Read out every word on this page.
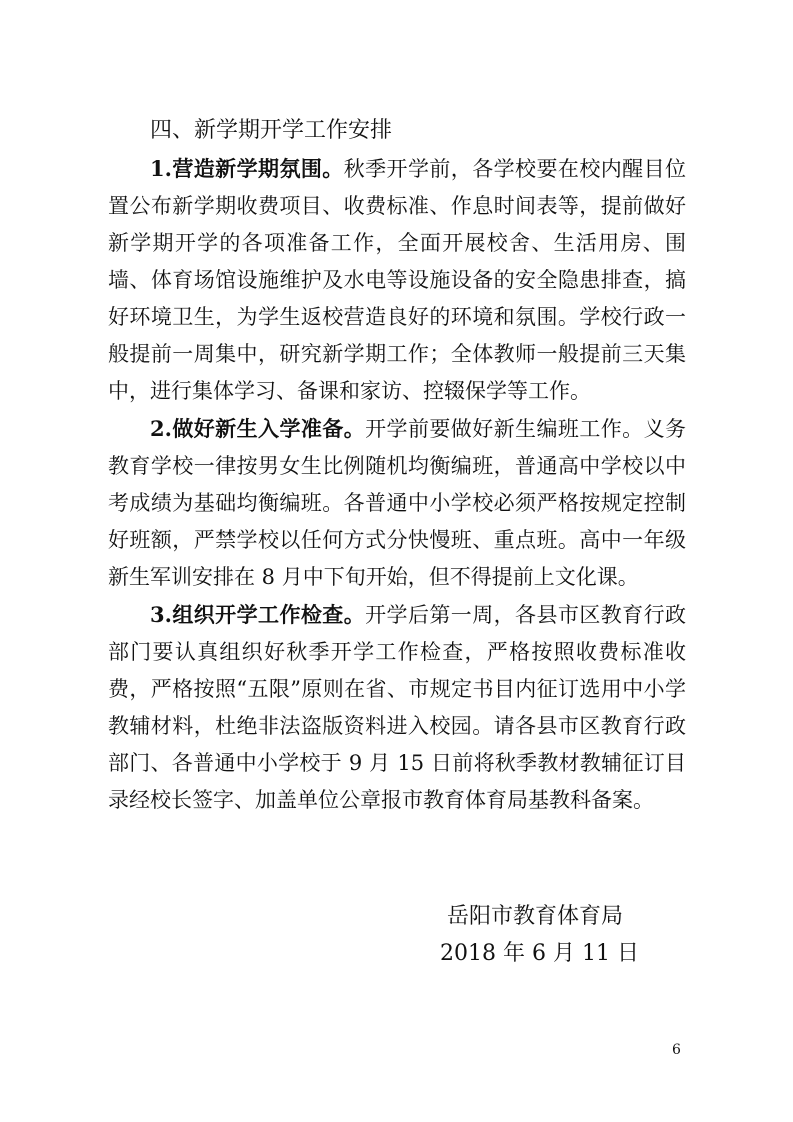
四、新学期开学工作安排

1.营造新学期氛围。秋季开学前，各学校要在校内醒目位置公布新学期收费项目、收费标准、作息时间表等，提前做好新学期开学的各项准备工作，全面开展校舍、生活用房、围墙、体育场馆设施维护及水电等设施设备的安全隐患排查，搞好环境卫生，为学生返校营造良好的环境和氛围。学校行政一般提前一周集中，研究新学期工作；全体教师一般提前三天集中，进行集体学习、备课和家访、控辍保学等工作。

2.做好新生入学准备。开学前要做好新生编班工作。义务教育学校一律按男女生比例随机均衡编班，普通高中学校以中考成绩为基础均衡编班。各普通中小学校必须严格按规定控制好班额，严禁学校以任何方式分快慢班、重点班。高中一年级新生军训安排在 8 月中下旬开始，但不得提前上文化课。

3.组织开学工作检查。开学后第一周，各县市区教育行政部门要认真组织好秋季开学工作检查，严格按照收费标准收费，严格按照“五限”原则在省、市规定书目内征订选用中小学教辅材料，杜绝非法盗版资料进入校园。请各县市区教育行政部门、各普通中小学校于 9 月 15 日前将秋季教材教辅征订目录经校长签字、加盖单位公章报市教育体育局基教科备案。

岳阳市教育体育局
2018 年 6 月 11 日
6
